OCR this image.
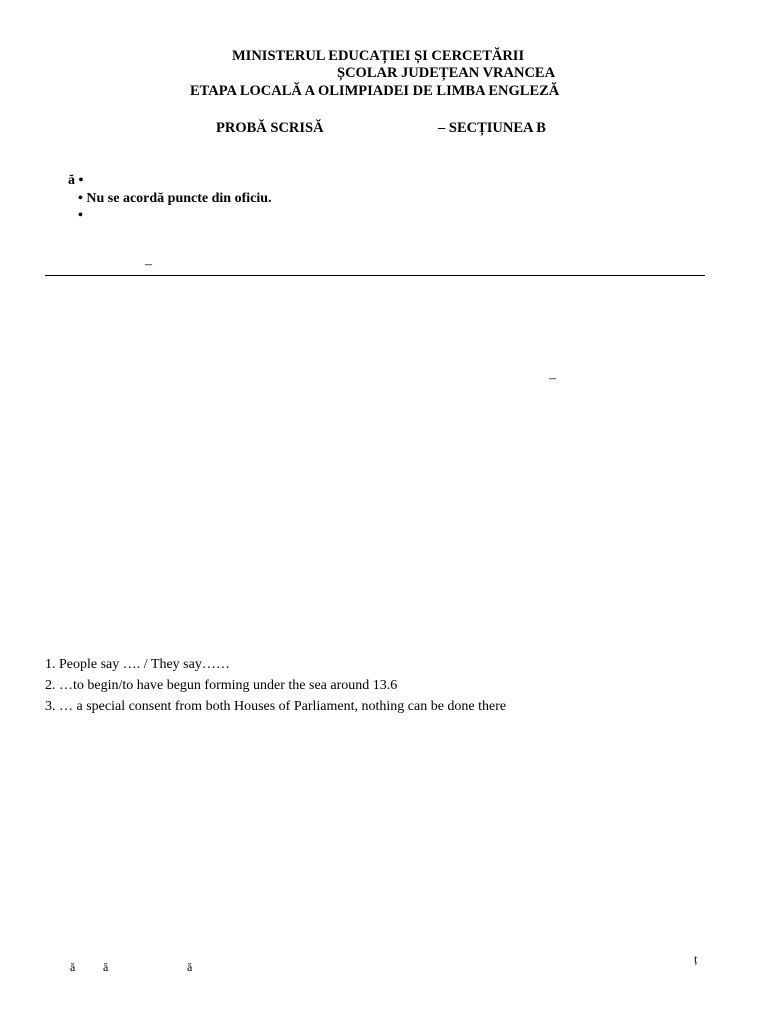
MINISTERUL EDUCAȚIEI ȘI CERCETĂRII
ȘCOLAR JUDEȚEAN VRANCEA
ETAPA LOCALĂ A OLIMPIADEI DE LIMBA ENGLEZĂ
PROBĂ SCRISĂ	– SECȚIUNEA B
ă •
• Nu se acordă puncte din oficiu.
•
–
–
1. People say …. / They say……
2. …to begin/to have begun forming under the sea around 13.6
3. … a special consent from both Houses of Parliament, nothing can be done there
ă ă	ă
ț
